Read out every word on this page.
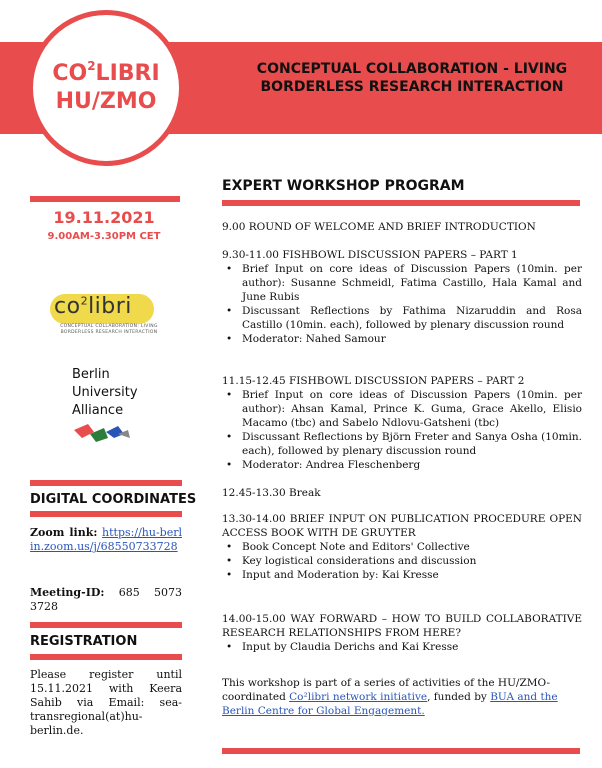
$CO^2LIBRI$
HU/ZMO
CONCEPTUAL COLLABORATION - LIVING BORDERLESS RESEARCH INTERACTION
19.11.2021
9.00AM-3.30PM CET
$co^2libri$
CONCEPTUAL COLLABORATION: LIVING
BORDERLESS RESEARCH INTERACTION
Berlin
University
Alliance
DIGITAL COORDINATES
Zoom link: https://hu-berlin.zoom.us/j/68550733728
Meeting-ID: 685 5073 3728
REGISTRATION
Please register until 15.11.2021 with Keera Sahib via Email: sea-transregional(at)hu-berlin.de.
EXPERT WORKSHOP PROGRAM
9.00 ROUND OF WELCOME AND BRIEF INTRODUCTION
9.30-11.00 FISHBOWL DISCUSSION PAPERS – PART 1
• Brief Input on core ideas of Discussion Papers (10min. per author): Susanne Schmeidl, Fatima Castillo, Hala Kamal and June Rubis
• Discussant Reflections by Fathima Nizaruddin and Rosa Castillo (10min. each), followed by plenary discussion round
• Moderator: Nahed Samour
11.15-12.45 FISHBOWL DISCUSSION PAPERS – PART 2
• Brief Input on core ideas of Discussion Papers (10min. per author): Ahsan Kamal, Prince K. Guma, Grace Akello, Elisio Macamo (tbc) and Sabelo Ndlovu-Gatsheni (tbc)
• Discussant Reflections by Björn Freter and Sanya Osha (10min. each), followed by plenary discussion round
• Moderator: Andrea Fleschenberg
12.45-13.30 Break
13.30-14.00 BRIEF INPUT ON PUBLICATION PROCEDURE OPEN ACCESS BOOK WITH DE GRUYTER
• Book Concept Note and Editors' Collective
• Key logistical considerations and discussion
• Input and Moderation by: Kai Kresse
14.00-15.00 WAY FORWARD – HOW TO BUILD COLLABORATIVE RESEARCH RELATIONSHIPS FROM HERE?
• Input by Claudia Derichs and Kai Kresse
This workshop is part of a series of activities of the HU/ZMO-coordinated Co²libri network initiative, funded by BUA and the Berlin Centre for Global Engagement.
